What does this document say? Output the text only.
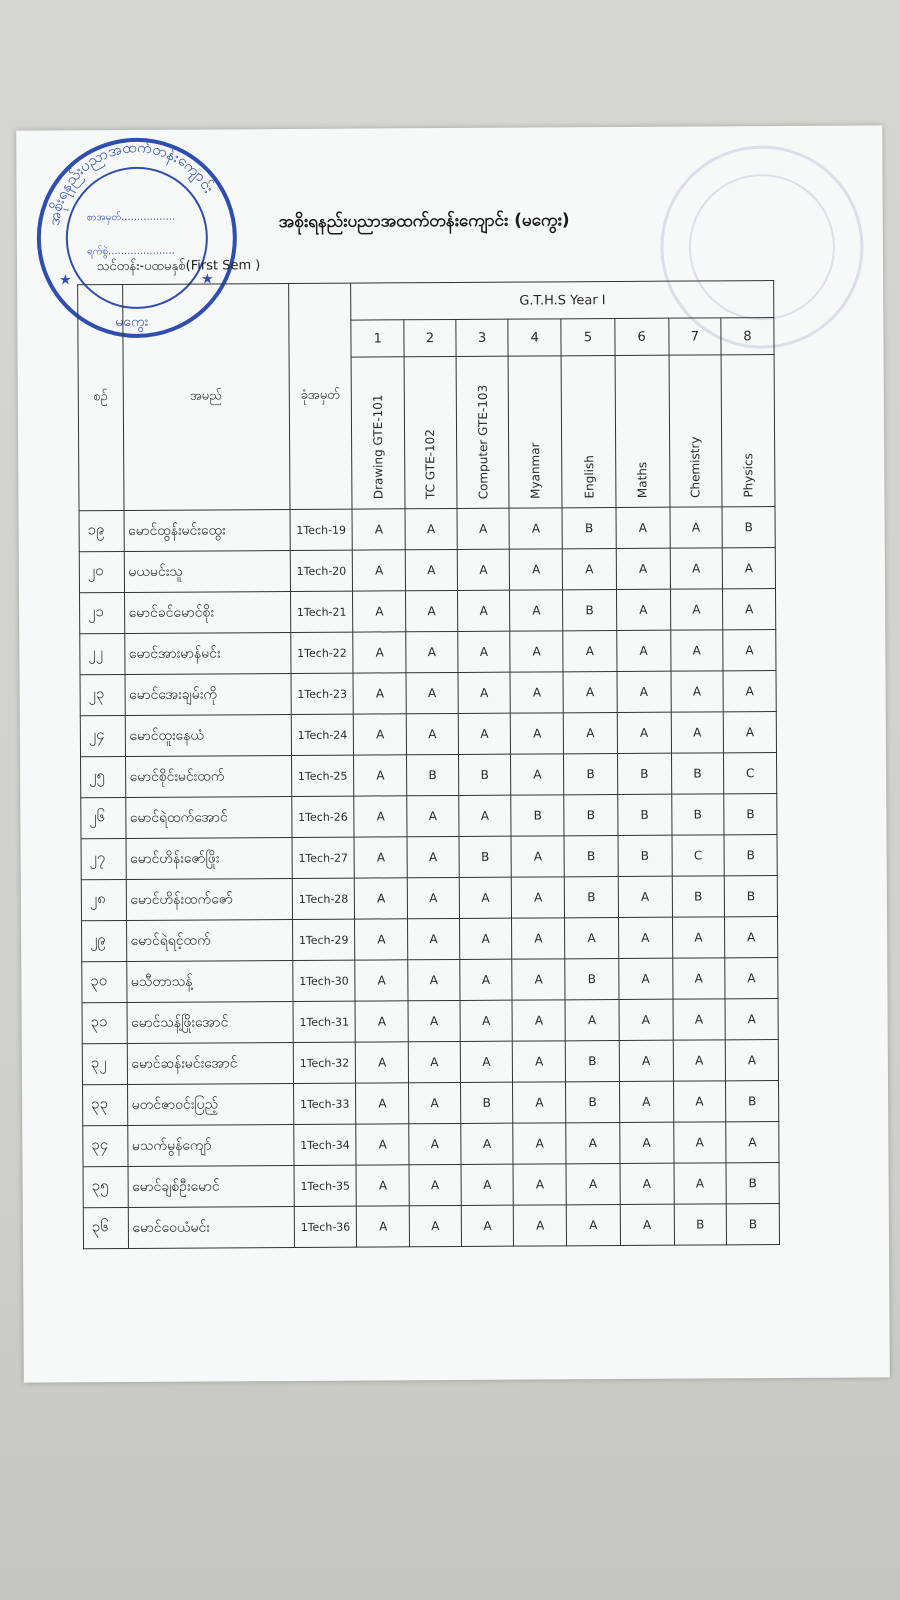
အစိုးရနည်းပညာအထက်တန်းကျောင်း
စာအမှတ်.................
ရက်စွဲ.....................
မကွေး
★	★
အစိုးရနည်းပညာအထက်တန်းကျောင်း (မကွေး)
သင်တန်း-ပထမနှစ်(First Sem )
စဥ်	အမည်	ခုံအမှတ်	G.T.H.S Year I							
			1	2	3	4	5	6	7	8
			Drawing GTE-101	TC GTE-102	Computer GTE-103	Myanmar	English	Maths	Chemistry	Physics
၁၉	မောင်ထွန်းမင်းထွေး	1Tech-19	A	A	A	A	B	A	A	B
၂၀	မယမင်းသူ	1Tech-20	A	A	A	A	A	A	A	A
၂၁	မောင်ခင်မောင်စိုး	1Tech-21	A	A	A	A	B	A	A	A
၂၂	မောင်အားမာန်မင်း	1Tech-22	A	A	A	A	A	A	A	A
၂၃	မောင်အေးချမ်းကို	1Tech-23	A	A	A	A	A	A	A	A
၂၄	မောင်ထူးနေယံ	1Tech-24	A	A	A	A	A	A	A	A
၂၅	မောင်စိုင်းမင်းထက်	1Tech-25	A	B	B	A	B	B	B	C
၂၆	မောင်ရဲထက်အောင်	1Tech-26	A	A	A	B	B	B	B	B
၂၇	မောင်ဟိန်းဇော်ဖြိုး	1Tech-27	A	A	B	A	B	B	C	B
၂၈	မောင်ဟိန်းထက်ဇော်	1Tech-28	A	A	A	A	B	A	B	B
၂၉	မောင်ရဲရင့်ထက်	1Tech-29	A	A	A	A	A	A	A	A
၃၀	မသီတာသန့်	1Tech-30	A	A	A	A	B	A	A	A
၃၁	မောင်သန့်ဖြိုးအောင်	1Tech-31	A	A	A	A	A	A	A	A
၃၂	မောင်ဆန်းမင်းအောင်	1Tech-32	A	A	A	A	B	A	A	A
၃၃	မတင်ဇာဝင်းပြည့်	1Tech-33	A	A	B	A	B	A	A	B
၃၄	မသက်မွန်ကျော်	1Tech-34	A	A	A	A	A	A	A	A
၃၅	မောင်ချစ်ဦးမောင်	1Tech-35	A	A	A	A	A	A	A	B
၃၆	မောင်ဝေယံမင်း	1Tech-36	A	A	A	A	A	A	B	B
